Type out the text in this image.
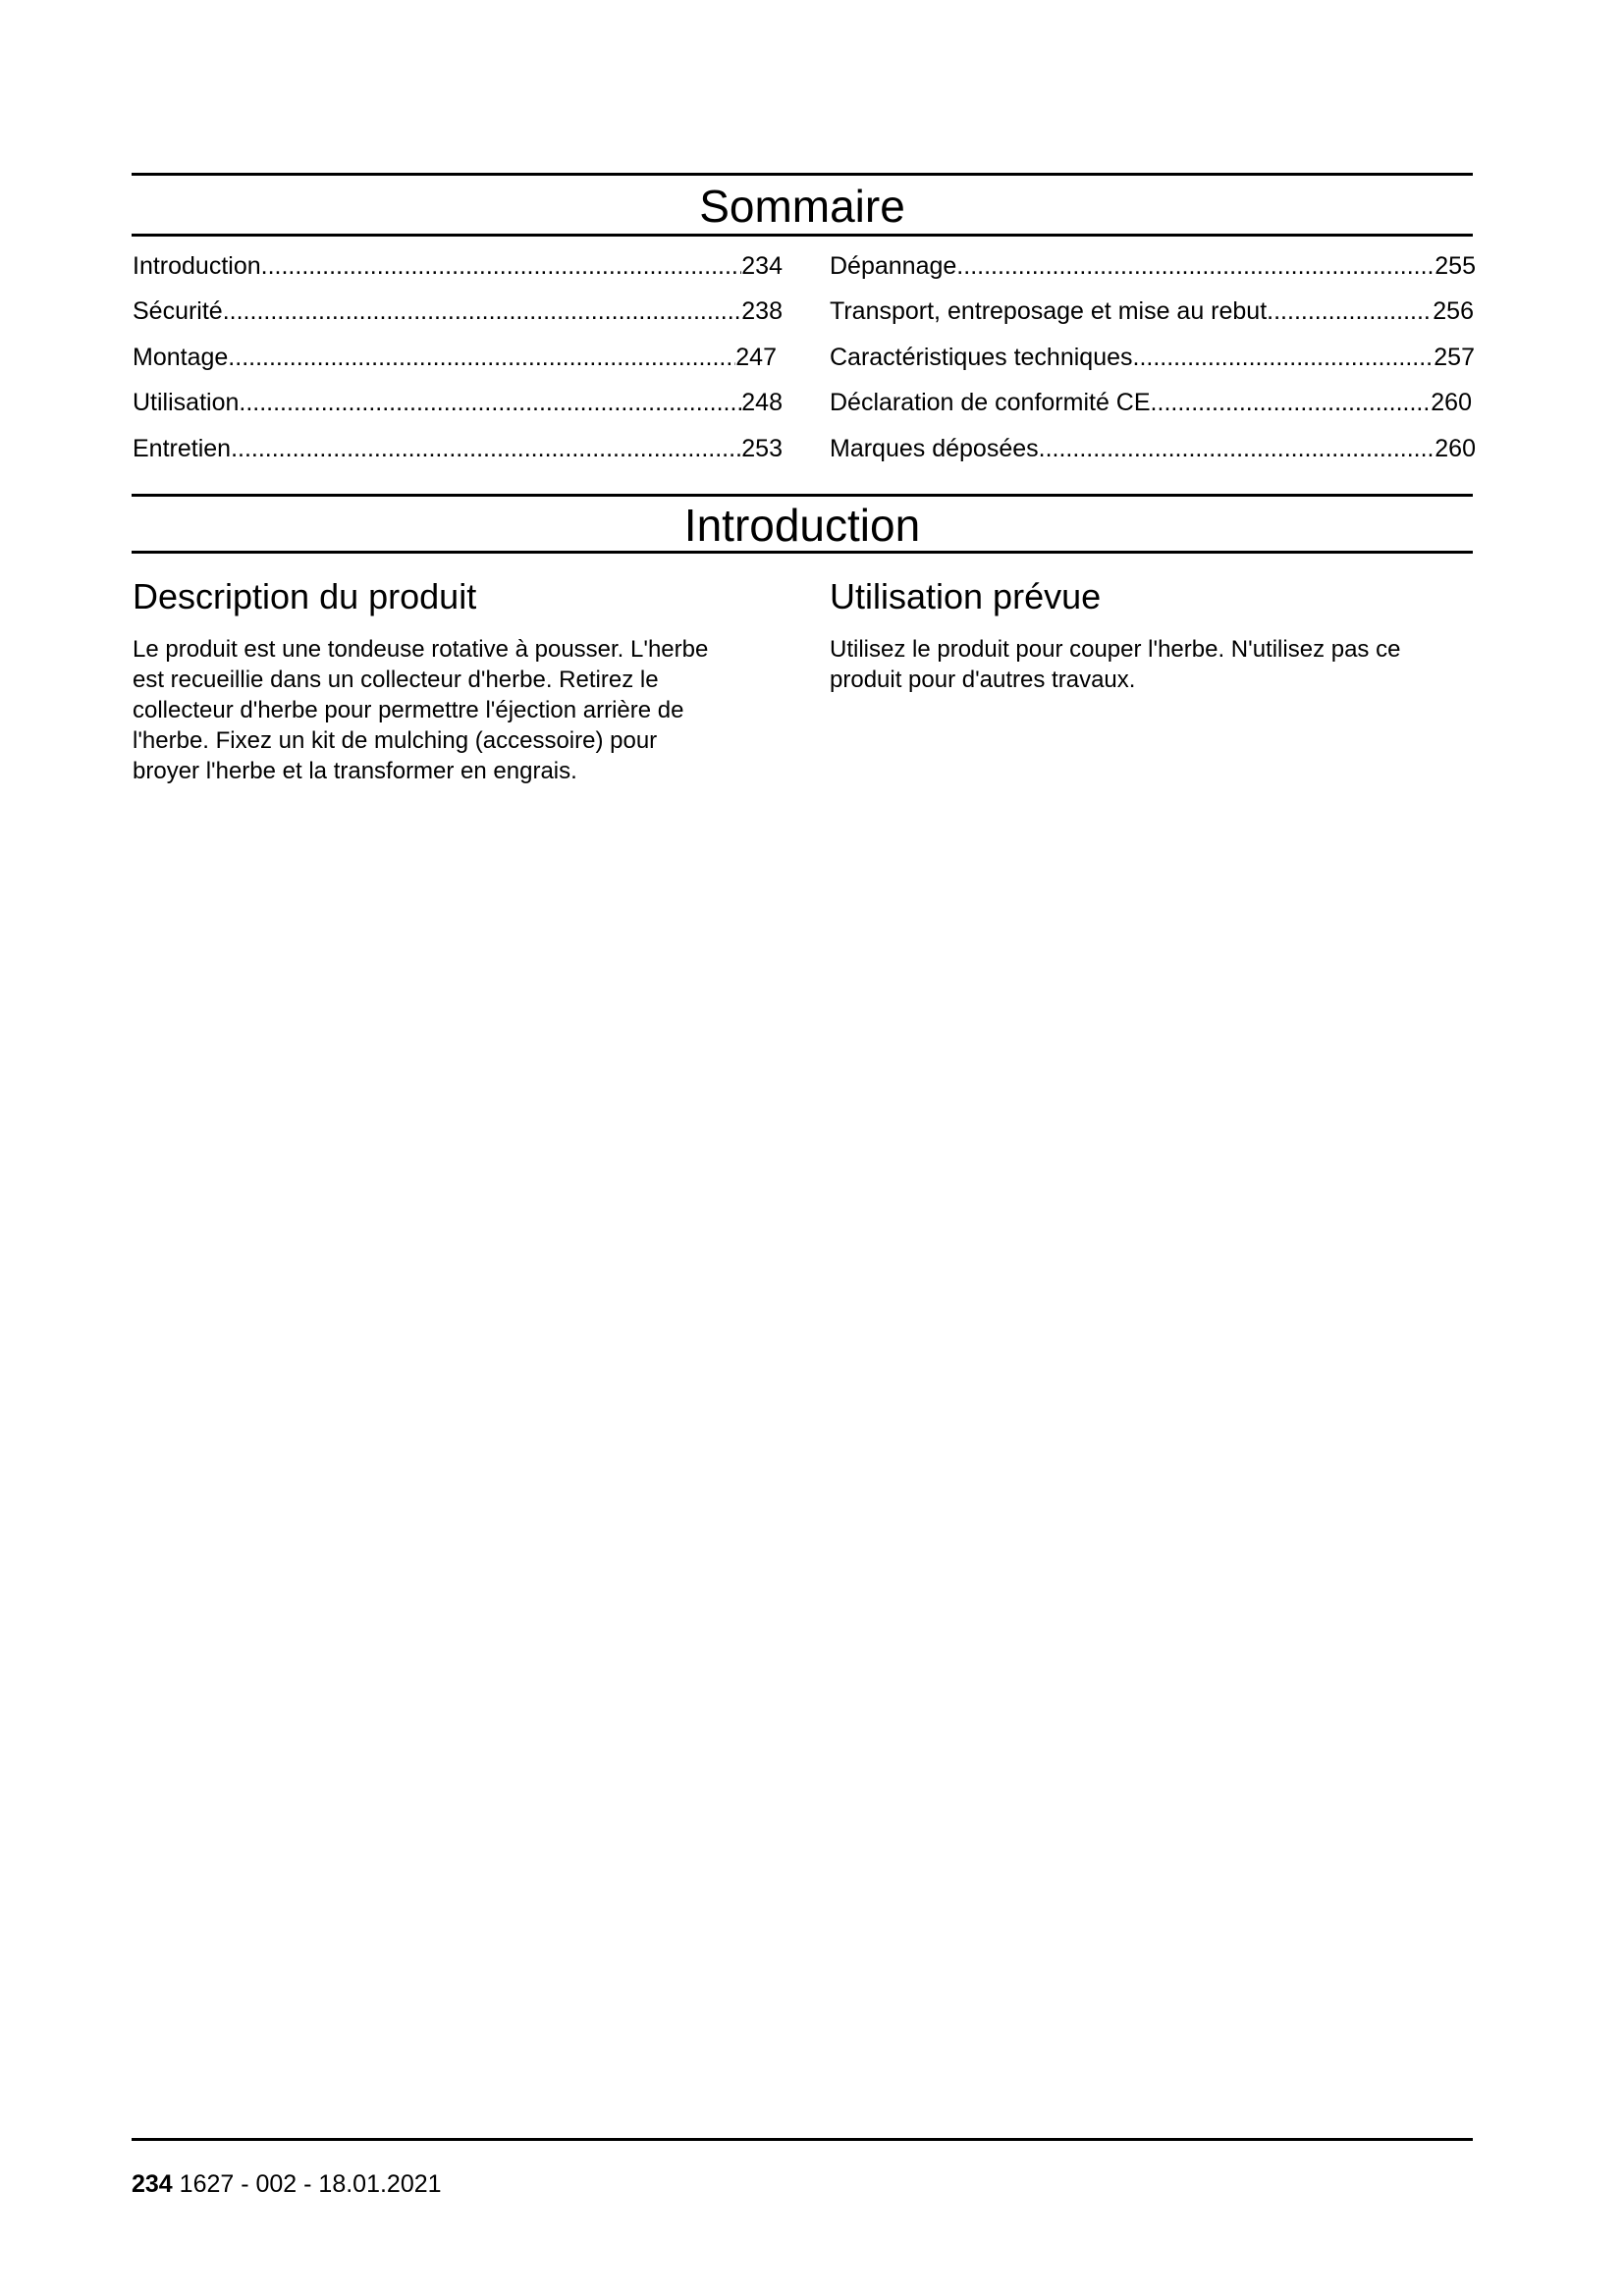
Sommaire
Introduction .....	234
Sécurité .....	238
Montage .....	247
Utilisation .....	248
Entretien .....	253
Dépannage .....	255
Transport, entreposage et mise au rebut .....	256
Caractéristiques techniques .....	257
Déclaration de conformité CE .....	260
Marques déposées .....	260
Introduction
Description du produit
Le produit est une tondeuse rotative à pousser. L'herbe
est recueillie dans un collecteur d'herbe. Retirez le
collecteur d'herbe pour permettre l'éjection arrière de
l'herbe. Fixez un kit de mulching (accessoire) pour
broyer l'herbe et la transformer en engrais.
Utilisation prévue
Utilisez le produit pour couper l'herbe. N'utilisez pas ce
produit pour d'autres travaux.
234 1627 - 002 - 18.01.2021
